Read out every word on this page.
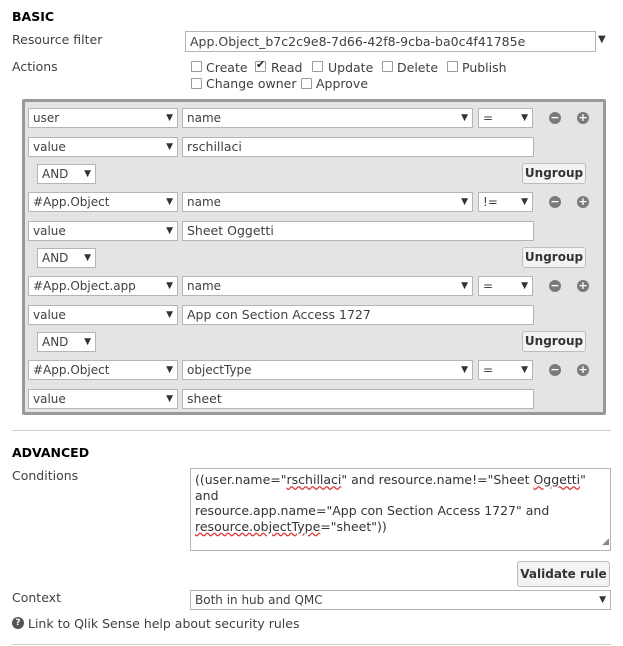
BASIC
Resource filter	App.Object_b7c2c9e8-7d66-42f8-9cba-ba0c4f41785e	▼
Actions	Create
✔ Read Update Delete Publish
Change owner Approve
user	▼	name	▼	=	▼ − +
value	▼	rschillaci
AND ▼	Ungroup
#App.Object	▼	name	▼	!=	▼ − +
value	▼	Sheet Oggetti
AND ▼	Ungroup
#App.Object.app	▼	name	▼	=	▼ − +
value	▼	App con Section Access 1727
AND ▼	Ungroup
#App.Object	▼	objectType	▼	=	▼ − +
value	▼	sheet
ADVANCED
Conditions	((user.name="rschillaci" and resource.name!="Sheet Oggetti" and
resource.app.name="App con Section Access 1727" and
resource.objectType="sheet"))
◢
Validate rule
Context	Both in hub and QMC	▼
? Link to Qlik Sense help about security rules
